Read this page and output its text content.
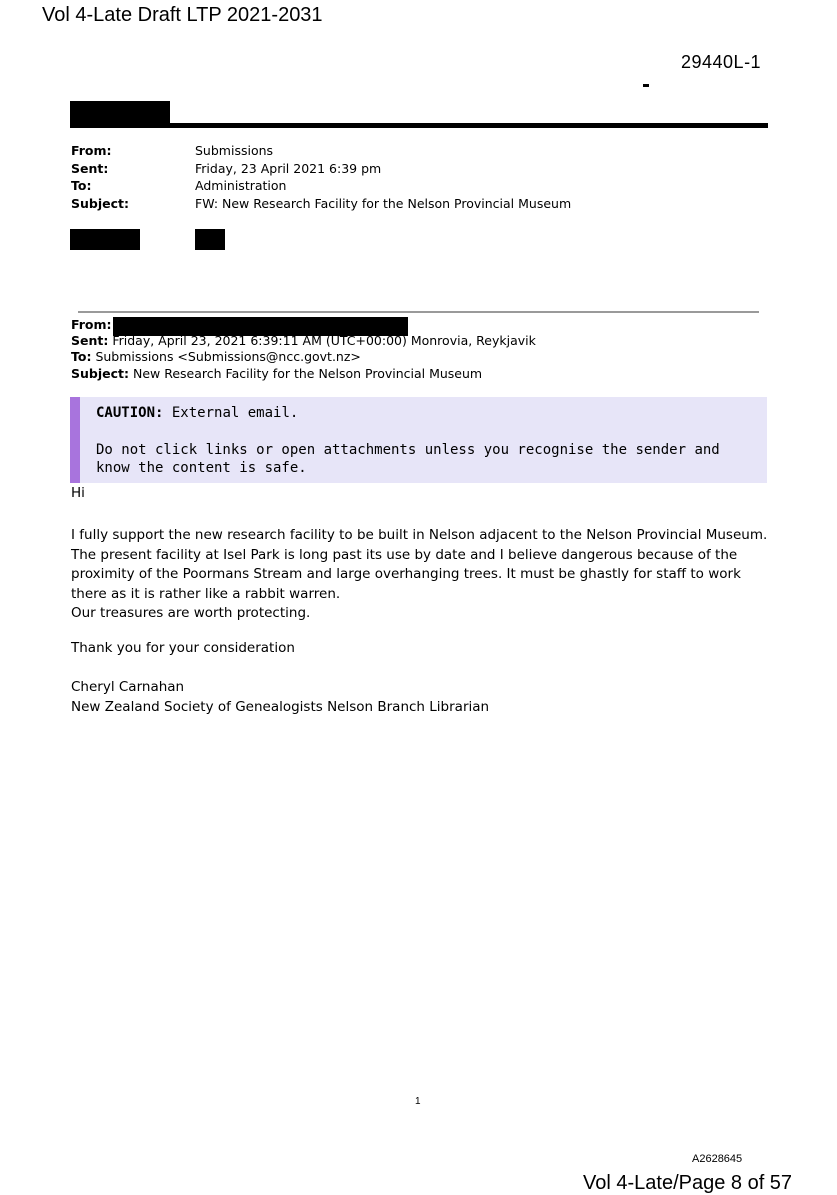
Vol 4-Late Draft LTP 2021-2031
29440L-1
From:
Sent:
To:
Subject:
Submissions
Friday, 23 April 2021 6:39 pm
Administration
FW: New Research Facility for the Nelson Provincial Museum
From:
Sent: Friday, April 23, 2021 6:39:11 AM (UTC+00:00) Monrovia, Reykjavik
To: Submissions <Submissions@ncc.govt.nz>
Subject: New Research Facility for the Nelson Provincial Museum
CAUTION: External email.
Do not click links or open attachments unless you recognise the sender and know the content is safe.
Hi
I fully support the new research facility to be built in Nelson adjacent to the Nelson Provincial Museum. The present facility at Isel Park is long past its use by date and I believe dangerous because of the proximity of the Poormans Stream and large overhanging trees. It must be ghastly for staff to work there as it is rather like a rabbit warren.
Our treasures are worth protecting.
Thank you for your consideration
Cheryl Carnahan
New Zealand Society of Genealogists Nelson Branch Librarian
1
A2628645
Vol 4-Late/Page 8 of 57
